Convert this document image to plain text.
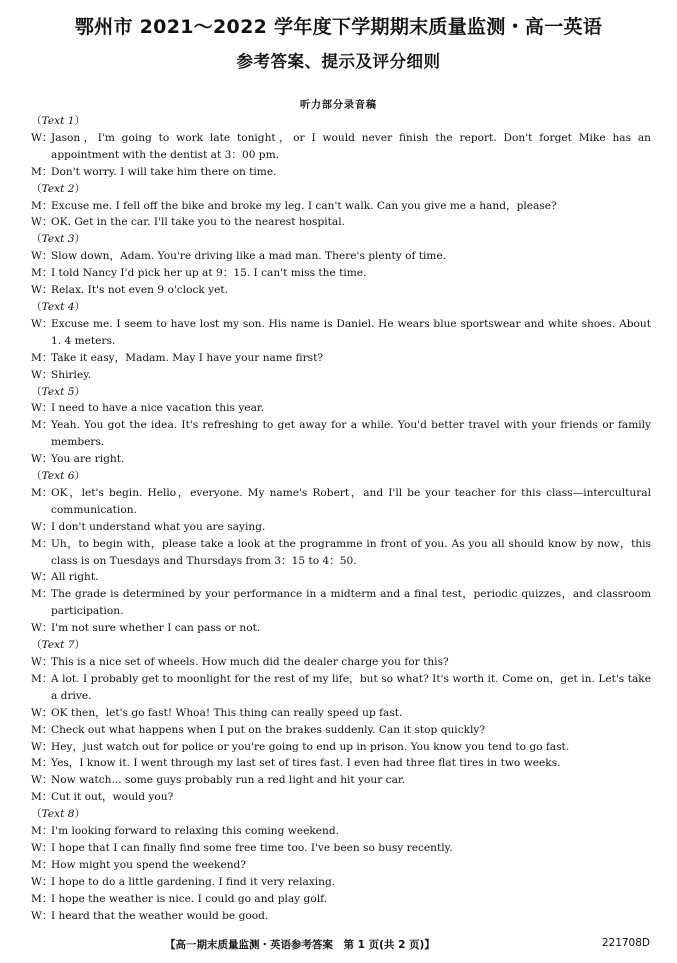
鄂州市 2021～2022 学年度下学期期末质量监测・高一英语
参考答案、提示及评分细则
听力部分录音稿
（Text 1）
W：
Jason，I'm going to work late tonight，or I would never finish the report. Don't forget Mike has an appointment with the dentist at 3：00 pm.
M：
Don't worry. I will take him there on time.
（Text 2）
M：
Excuse me. I fell off the bike and broke my leg. I can't walk. Can you give me a hand，please?
W：
OK. Get in the car. I'll take you to the nearest hospital.
（Text 3）
W：
Slow down，Adam. You're driving like a mad man. There's plenty of time.
M：
I told Nancy I'd pick her up at 9：15. I can't miss the time.
W：
Relax. It's not even 9 o'clock yet.
（Text 4）
W：
Excuse me. I seem to have lost my son. His name is Daniel. He wears blue sportswear and white shoes. About 1. 4 meters.
M：
Take it easy，Madam. May I have your name first?
W：
Shirley.
（Text 5）
W：
I need to have a nice vacation this year.
M：
Yeah. You got the idea. It's refreshing to get away for a while. You'd better travel with your friends or family members.
W：
You are right.
（Text 6）
M：
OK，let's begin. Hello，everyone. My name's Robert，and I'll be your teacher for this class—intercultural communication.
W：
I don't understand what you are saying.
M：
Uh，to begin with，please take a look at the programme in front of you. As you all should know by now，this class is on Tuesdays and Thursdays from 3：15 to 4：50.
W：
All right.
M：
The grade is determined by your performance in a midterm and a final test，periodic quizzes，and classroom participation.
W：
I'm not sure whether I can pass or not.
（Text 7）
W：
This is a nice set of wheels. How much did the dealer charge you for this?
M：
A lot. I probably get to moonlight for the rest of my life，but so what? It's worth it. Come on，get in. Let's take a drive.
W：
OK then，let's go fast! Whoa! This thing can really speed up fast.
M：
Check out what happens when I put on the brakes suddenly. Can it stop quickly?
W：
Hey，just watch out for police or you're going to end up in prison. You know you tend to go fast.
M：
Yes，I know it. I went through my last set of tires fast. I even had three flat tires in two weeks.
W：
Now watch... some guys probably run a red light and hit your car.
M：
Cut it out，would you?
（Text 8）
M：
I'm looking forward to relaxing this coming weekend.
W：
I hope that I can finally find some free time too. I've been so busy recently.
M：
How might you spend the weekend?
W：
I hope to do a little gardening. I find it very relaxing.
M：
I hope the weather is nice. I could go and play golf.
W：
I heard that the weather would be good.
【高一期末质量监测・英语参考答案　第 1 页(共 2 页)】	221708D
